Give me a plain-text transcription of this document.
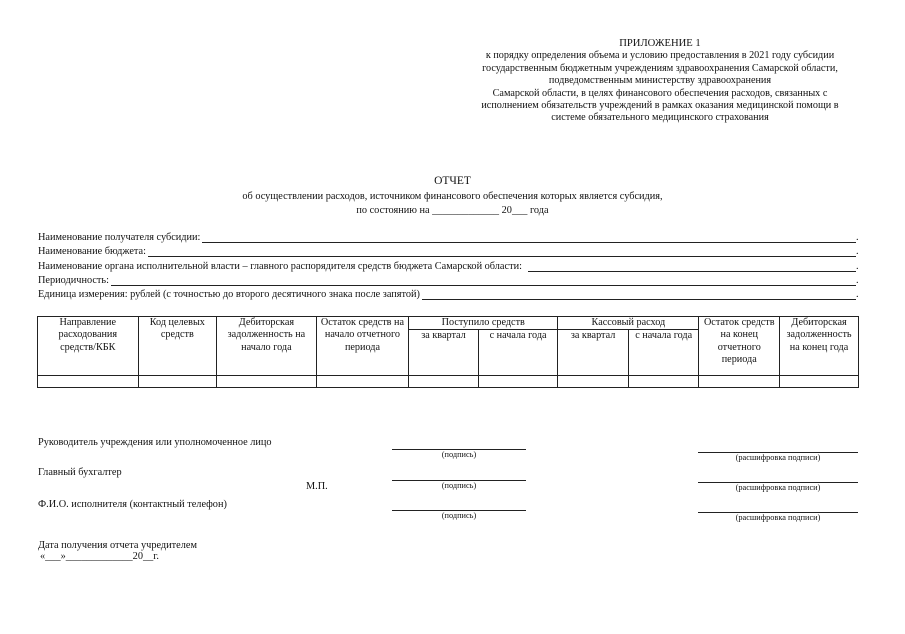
ПРИЛОЖЕНИЕ 1
к порядку определения объема и условию предоставления в 2021 году субсидии
государственным бюджетным учреждениям здравоохранения Самарской области,
подведомственным министерству здравоохранения
Самарской области, в целях финансового обеспечения расходов, связанных с
исполнением обязательств учреждений в рамках оказания медицинской помощи в
системе обязательного медицинского страхования
ОТЧЕТ
об осуществлении расходов, источником финансового обеспечения которых является субсидия,
по состоянию на _____________ 20___ года
Наименование получателя субсидии:	.
Наименование бюджета:	.
Наименование органа исполнительной власти – главного распорядителя средств бюджета Самарской области:	.
Периодичность:	.
Единица измерения: рублей (с точностью до второго десятичного знака после запятой)	.
Направление расходования средств/КБК	Код целевых средств	Дебиторская задолженность на начало года	Остаток средств на начало отчетного периода	Поступило средств		Кассовый расход		Остаток средств на конец отчетного периода	Дебиторская задолженность на конец года
				за квартал	с начала года	за квартал	с начала года		

Руководитель учреждения или уполномоченное лицо
Главный бухгалтер
М.П.
Ф.И.О. исполнителя (контактный телефон)
(подпись)	(расшифровка подписи)
(подпись)	(расшифровка подписи)
(подпись)	(расшифровка подписи)
Дата получения отчета учредителем
«___»_____________20__г.
